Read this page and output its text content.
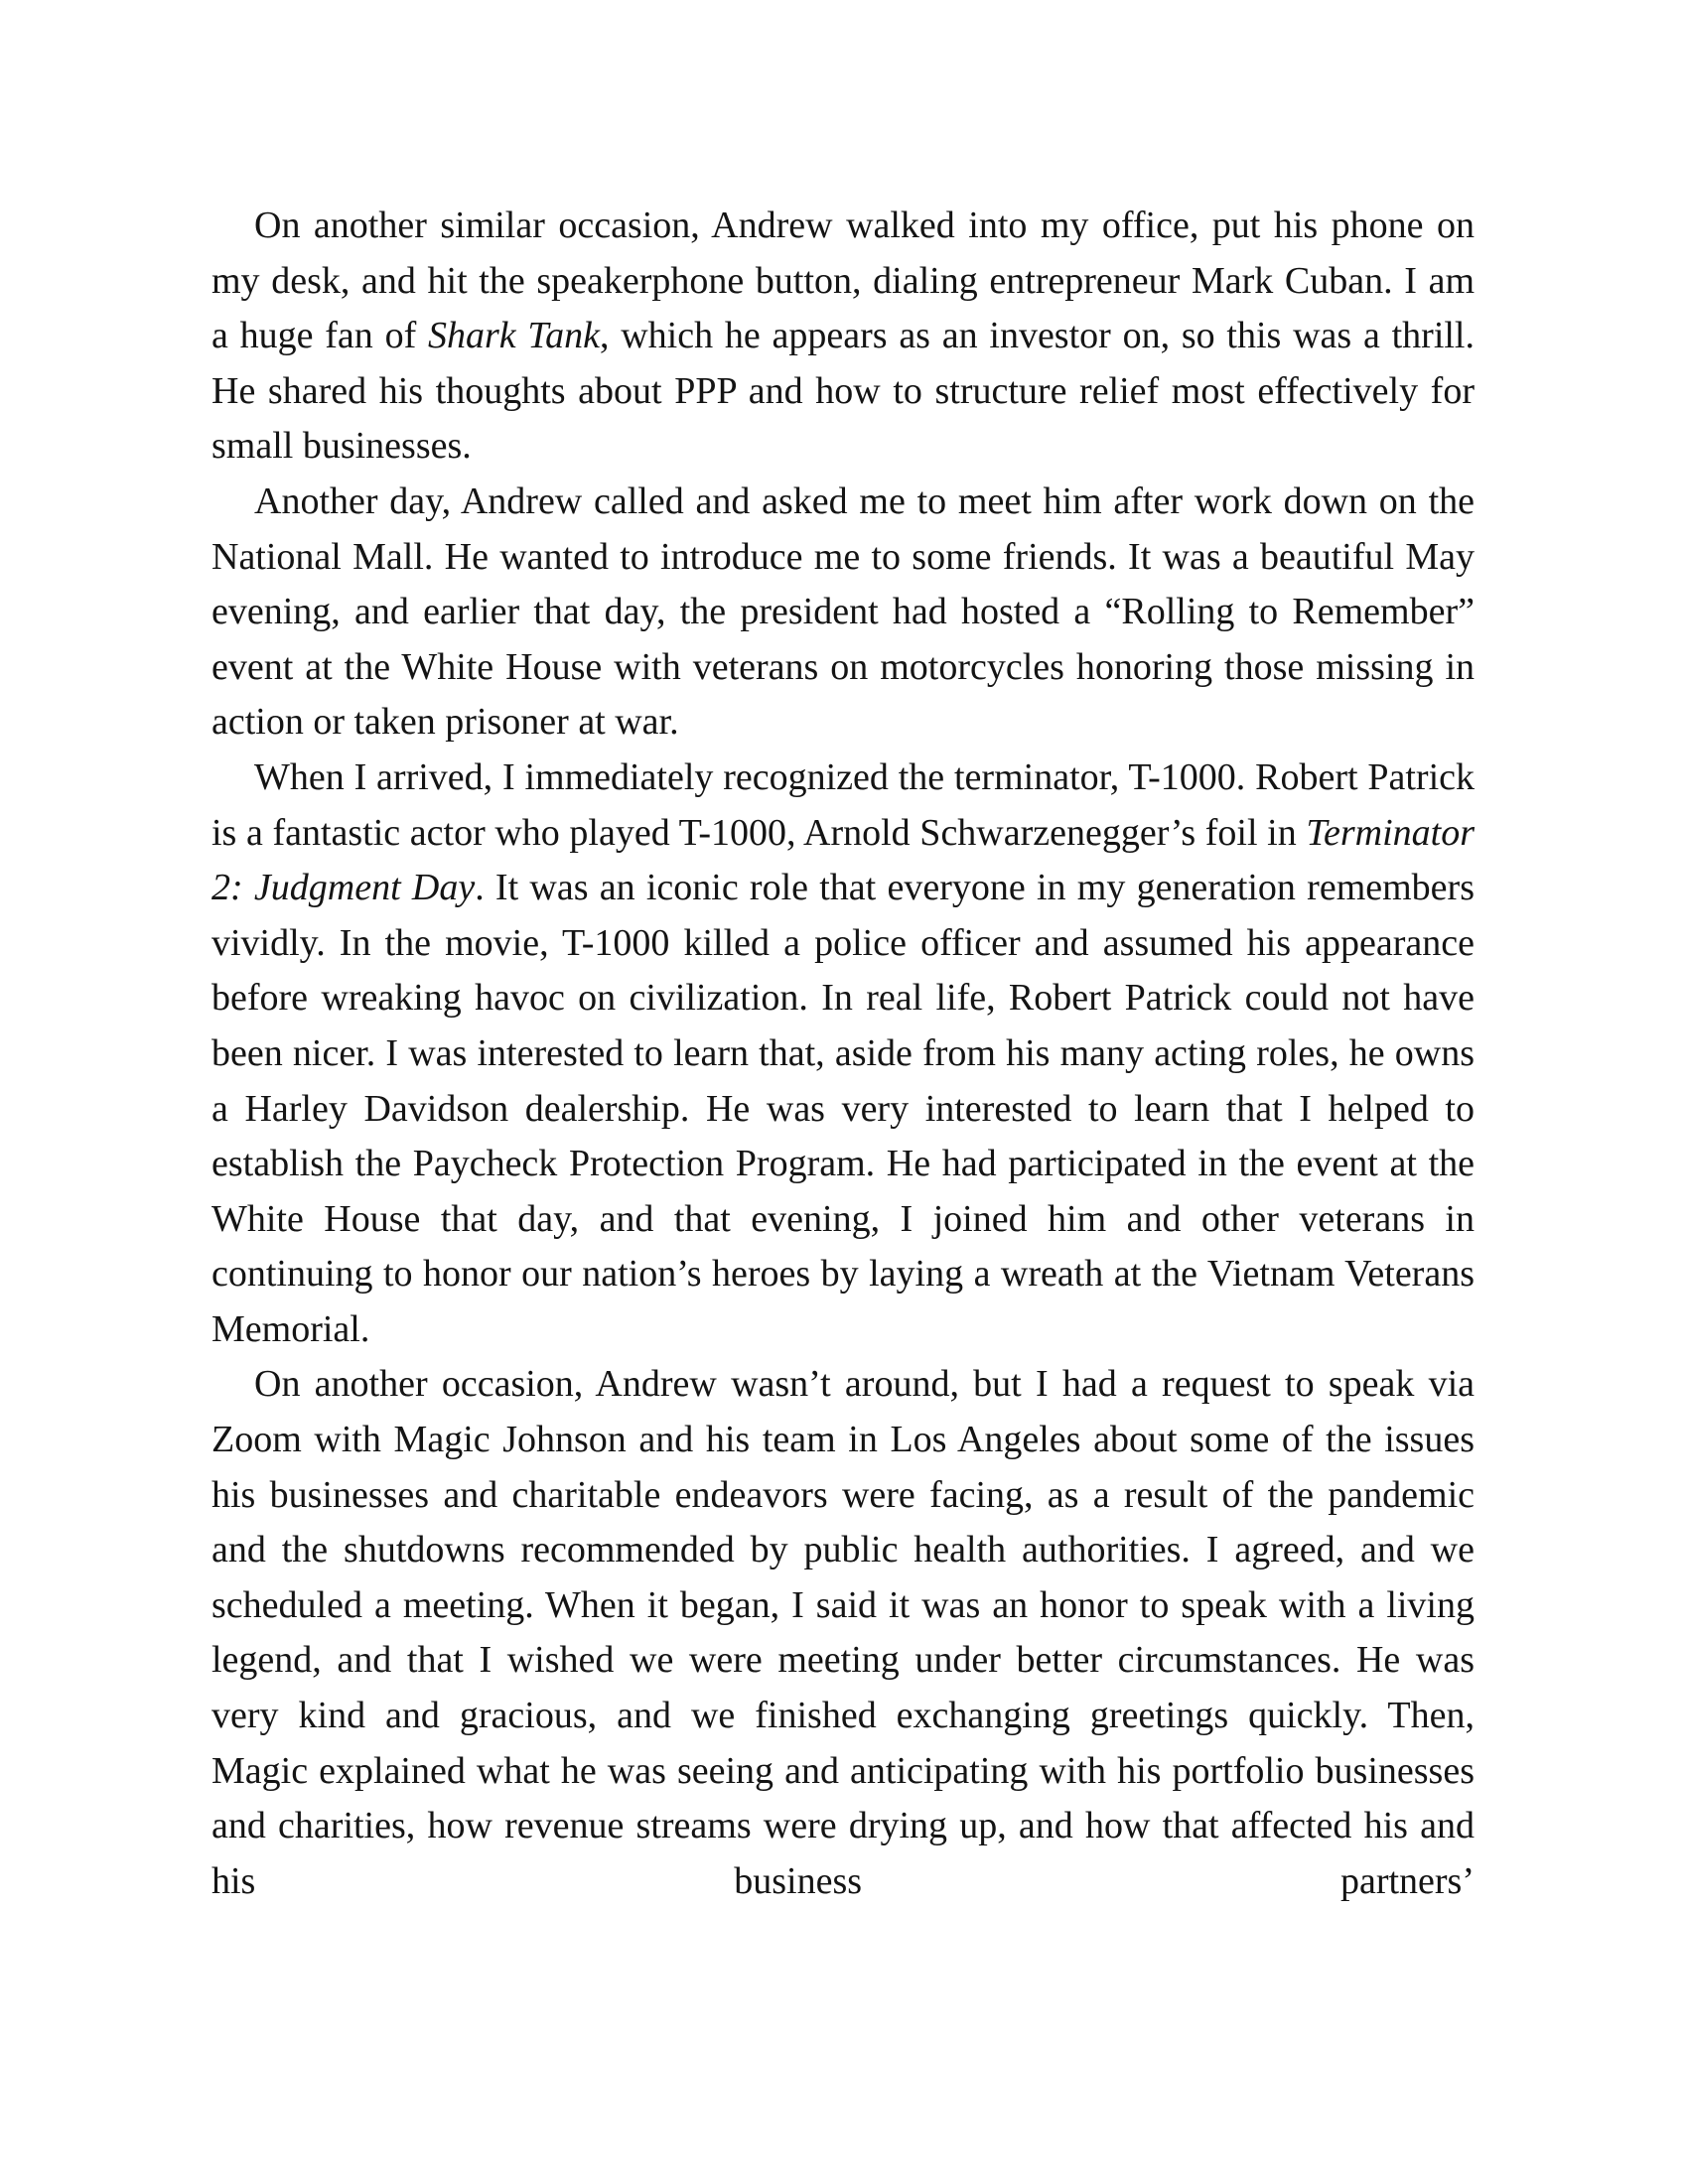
On another similar occasion, Andrew walked into my office, put his phone on my desk, and hit the speakerphone button, dialing entrepreneur Mark Cuban. I am a huge fan of Shark Tank, which he appears as an investor on, so this was a thrill. He shared his thoughts about PPP and how to structure relief most effectively for small businesses.

Another day, Andrew called and asked me to meet him after work down on the National Mall. He wanted to introduce me to some friends. It was a beautiful May evening, and earlier that day, the president had hosted a “Rolling to Remember” event at the White House with veterans on motorcycles honoring those missing in action or taken prisoner at war.

When I arrived, I immediately recognized the terminator, T-1000. Robert Patrick is a fantastic actor who played T-1000, Arnold Schwarzenegger’s foil in Terminator 2: Judgment Day. It was an iconic role that everyone in my generation remembers vividly. In the movie, T-1000 killed a police officer and assumed his appearance before wreaking havoc on civilization. In real life, Robert Patrick could not have been nicer. I was interested to learn that, aside from his many acting roles, he owns a Harley Davidson dealership. He was very interested to learn that I helped to establish the Paycheck Protection Program. He had participated in the event at the White House that day, and that evening, I joined him and other veterans in continuing to honor our nation’s heroes by laying a wreath at the Vietnam Veterans Memorial.

On another occasion, Andrew wasn’t around, but I had a request to speak via Zoom with Magic Johnson and his team in Los Angeles about some of the issues his businesses and charitable endeavors were facing, as a result of the pandemic and the shutdowns recommended by public health authorities. I agreed, and we scheduled a meeting. When it began, I said it was an honor to speak with a living legend, and that I wished we were meeting under better circumstances. He was very kind and gracious, and we finished exchanging greetings quickly. Then, Magic explained what he was seeing and anticipating with his portfolio businesses and charities, how revenue streams were drying up, and how that affected his and his business partners’
